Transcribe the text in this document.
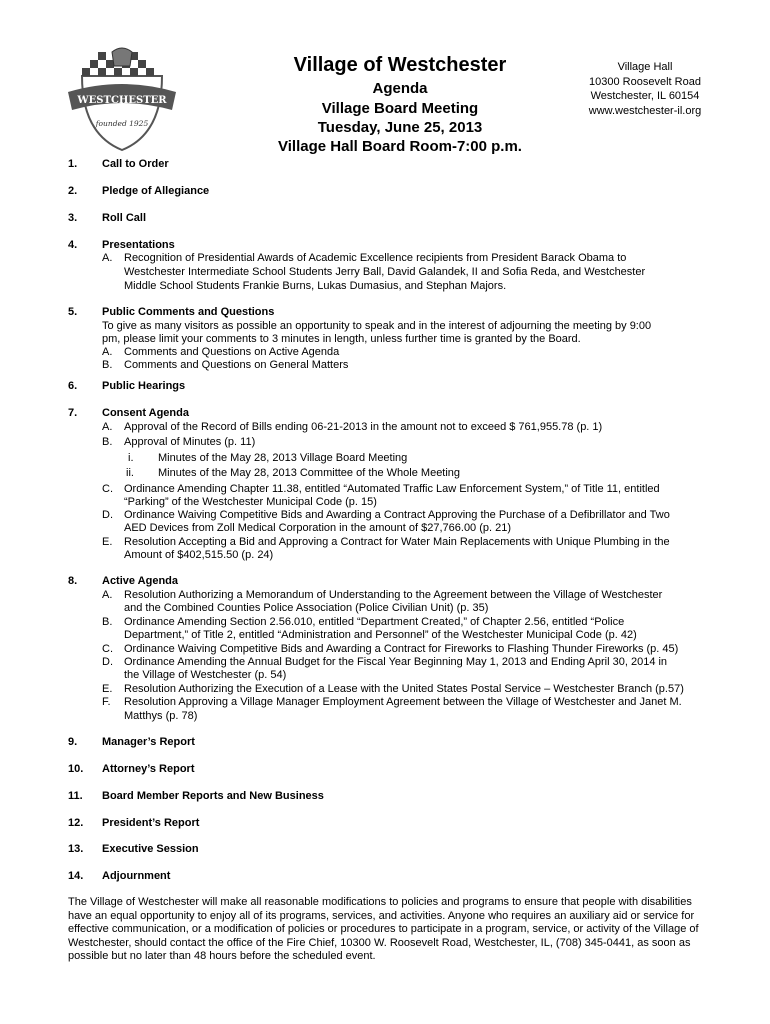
WESTCHESTER
founded 1925
Village of Westchester
Agenda
Village Board Meeting
Tuesday, June 25, 2013
Village Hall Board Room-7:00 p.m.
Village Hall
10300 Roosevelt Road
Westchester, IL 60154
www.westchester-il.org
1. Call to Order
2. Pledge of Allegiance
3. Roll Call
4. Presentations
A.	Recognition of Presidential Awards of Academic Excellence recipients from President Barack Obama to
Westchester Intermediate School Students Jerry Ball, David Galandek, II and Sofia Reda, and Westchester
Middle School Students Frankie Burns, Lukas Dumasius, and Stephan Majors.
5. Public Comments and Questions
To give as many visitors as possible an opportunity to speak and in the interest of adjourning the meeting by 9:00
pm, please limit your comments to 3 minutes in length, unless further time is granted by the Board.
A.	Comments and Questions on Active Agenda
B.	Comments and Questions on General Matters
6. Public Hearings
7. Consent Agenda
A.	Approval of the Record of Bills ending 06-21-2013 in the amount not to exceed $ 761,955.78 (p. 1)
B.	Approval of Minutes (p. 11)
i. Minutes of the May 28, 2013 Village Board Meeting
ii. Minutes of the May 28, 2013 Committee of the Whole Meeting
C.	Ordinance Amending Chapter 11.38, entitled “Automated Traffic Law Enforcement System,” of Title 11, entitled
“Parking” of the Westchester Municipal Code (p. 15)
D.	Ordinance Waiving Competitive Bids and Awarding a Contract Approving the Purchase of a Defibrillator and Two
AED Devices from Zoll Medical Corporation in the amount of $27,766.00 (p. 21)
E.	Resolution Accepting a Bid and Approving a Contract for Water Main Replacements with Unique Plumbing in the
Amount of $402,515.50 (p. 24)
8. Active Agenda
A.	Resolution Authorizing a Memorandum of Understanding to the Agreement between the Village of Westchester
and the Combined Counties Police Association (Police Civilian Unit) (p. 35)
B.	Ordinance Amending Section 2.56.010, entitled “Department Created,” of Chapter 2.56, entitled “Police
Department,” of Title 2, entitled “Administration and Personnel” of the Westchester Municipal Code (p. 42)
C.	Ordinance Waiving Competitive Bids and Awarding a Contract for Fireworks to Flashing Thunder Fireworks (p. 45)
D.	Ordinance Amending the Annual Budget for the Fiscal Year Beginning May 1, 2013 and Ending April 30, 2014 in
the Village of Westchester (p. 54)
E.	Resolution Authorizing the Execution of a Lease with the United States Postal Service – Westchester Branch (p.57)
F.	Resolution Approving a Village Manager Employment Agreement between the Village of Westchester and Janet M.
Matthys (p. 78)
9. Manager’s Report
10. Attorney’s Report
11. Board Member Reports and New Business
12. President’s Report
13. Executive Session
14. Adjournment
The Village of Westchester will make all reasonable modifications to policies and programs to ensure that people with disabilities
have an equal opportunity to enjoy all of its programs, services, and activities. Anyone who requires an auxiliary aid or service for
effective communication, or a modification of policies or procedures to participate in a program, service, or activity of the Village of
Westchester, should contact the office of the Fire Chief, 10300 W. Roosevelt Road, Westchester, IL, (708) 345-0441, as soon as
possible but no later than 48 hours before the scheduled event.
